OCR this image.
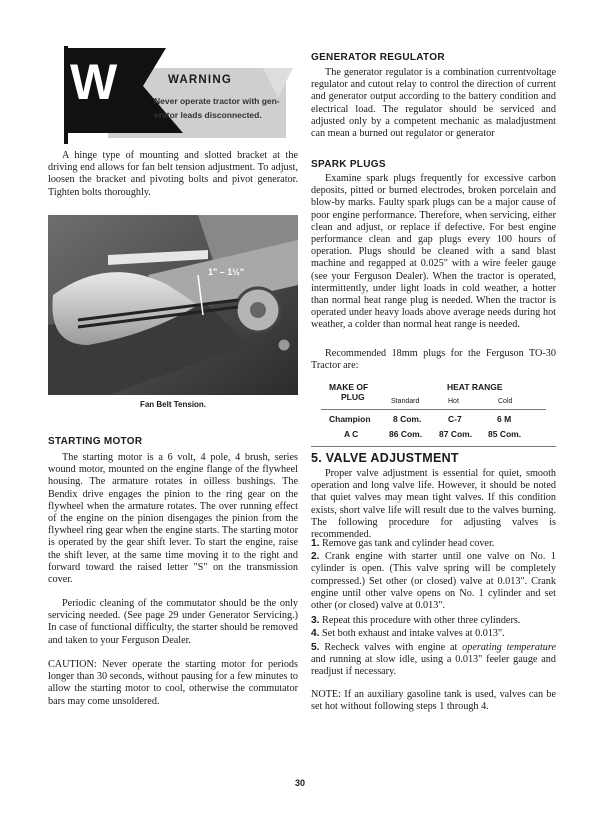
W	WARNING
Never operate tractor with gen-
erator leads disconnected.

A hinge type of mounting and slotted bracket at the driving end allows for fan belt tension adjustment. To adjust, loosen the bracket and pivoting bolts and pivot generator. Tighten bolts thoroughly.

1" – 1½"
Fan Belt Tension.
STARTING MOTOR

The starting motor is a 6 volt, 4 pole, 4 brush, series wound motor, mounted on the engine flange of the flywheel housing. The armature rotates in oilless bushings. The Bendix drive engages the pinion to the ring gear on the flywheel when the armature rotates. The over running effect of the engine on the pinion disengages the pinion from the flywheel ring gear when the engine starts. The starting motor is operated by the gear shift lever. To start the engine, raise the shift lever, at the same time moving it to the right and forward toward the raised letter "S" on the transmission cover.

Periodic cleaning of the commutator should be the only servicing needed. (See page 29 under Generator Servicing.) In case of functional difficulty, the starter should be removed and taken to your Ferguson Dealer.

CAUTION: Never operate the starting motor for periods longer than 30 seconds, without pausing for a few minutes to allow the starting motor to cool, otherwise the commutator bars may come unsoldered.

GENERATOR REGULATOR

The generator regulator is a combination currentvoltage regulator and cutout relay to control the direction of current and generator output according to the battery condition and electrical load. The regulator should be serviced and adjusted only by a competent mechanic as maladjustment can mean a burned out regulator or generator

SPARK PLUGS

Examine spark plugs frequently for excessive carbon deposits, pitted or burned electrodes, broken porcelain and blow-by marks. Faulty spark plugs can be a major cause of poor engine performance. Therefore, when servicing, either clean and adjust, or replace if defective. For best engine performance clean and gap plugs every 100 hours of operation. Plugs should be cleaned with a sand blast machine and regapped at 0.025" with a wire feeler gauge (see your Ferguson Dealer). When the tractor is operated, intermittently, under light loads in cold weather, a hotter than normal heat range plug is needed. When the tractor is operated under heavy loads above average needs during hot weather, a colder than normal heat range is needed.

Recommended 18mm plugs for the Ferguson TO-30 Tractor are:

MAKE OF
PLUG
HEAT RANGE
Standard	Hot	Cold
Champion	8 Com.	C-7	6 M
A C	86 Com. 87 Com. 85 Com.
5. VALVE ADJUSTMENT

Proper valve adjustment is essential for quiet, smooth operation and long valve life. However, it should be noted that quiet valves may mean tight valves. If this condition exists, short valve life will result due to the valves burning. The following procedure for adjusting valves is recommended.

1. Remove gas tank and cylinder head cover.

2. Crank engine with starter until one valve on No. 1 cylinder is open. (This valve spring will be completely compressed.) Set other (or closed) valve at 0.013". Crank engine until other valve opens on No. 1 cylinder and set other (or closed) valve at 0.013".

3. Repeat this procedure with other three cylinders.

4. Set both exhaust and intake valves at 0.013".

5. Recheck valves with engine at operating temperature and running at slow idle, using a 0.013" feeler gauge and readjust if necessary.

NOTE: If an auxiliary gasoline tank is used, valves can be set hot without following steps 1 through 4.

30
